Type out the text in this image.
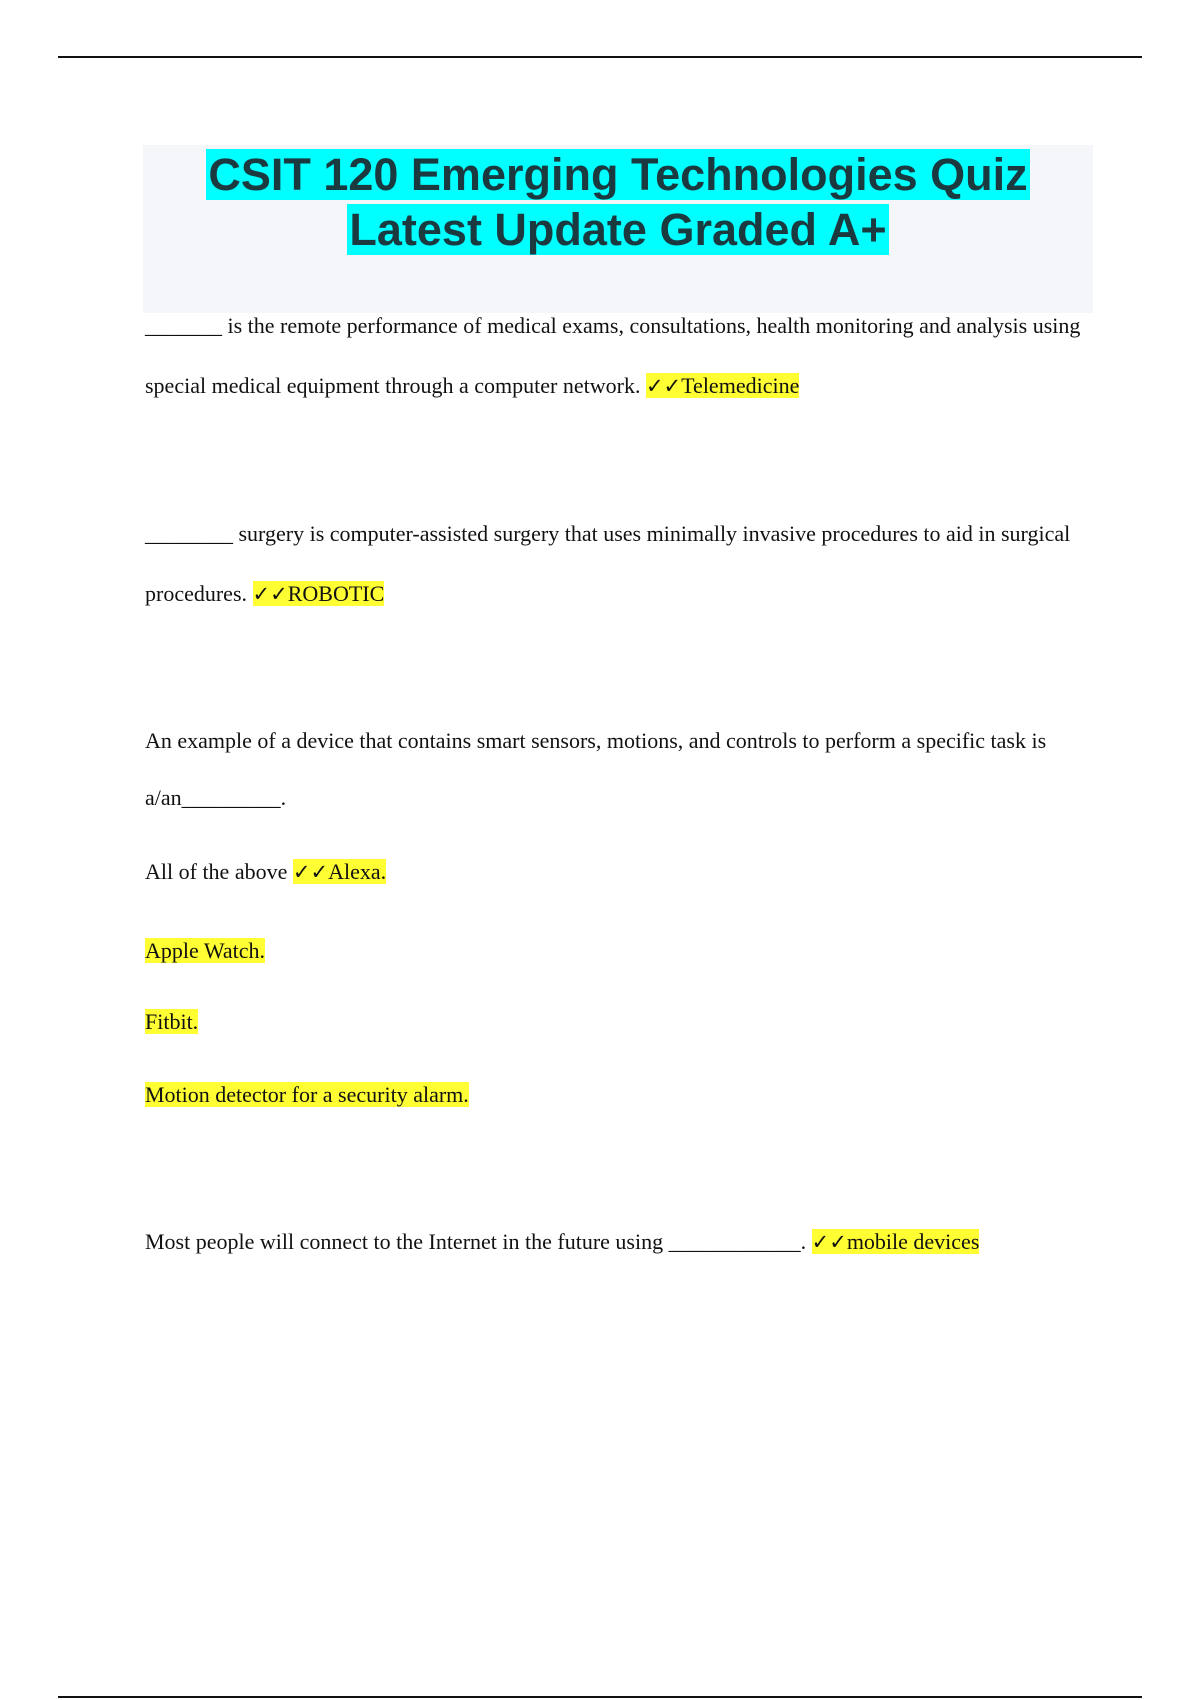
CSIT 120 Emerging Technologies Quiz
Latest Update Graded A+

_______ is the remote performance of medical exams, consultations, health monitoring and analysis using special medical equipment through a computer network. ✓✓Telemedicine

________ surgery is computer-assisted surgery that uses minimally invasive procedures to aid in surgical procedures. ✓✓ROBOTIC

An example of a device that contains smart sensors, motions, and controls to perform a specific task is a/an_________.

All of the above ✓✓Alexa.

Apple Watch.

Fitbit.

Motion detector for a security alarm.

Most people will connect to the Internet in the future using ____________. ✓✓mobile devices
